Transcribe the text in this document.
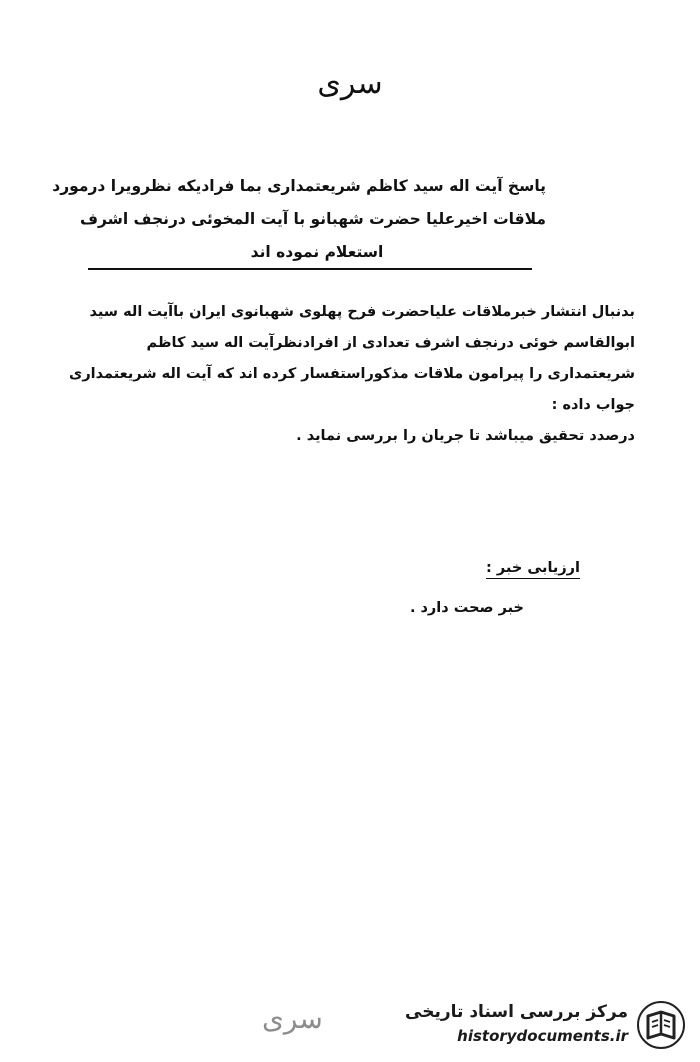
سری
پاسخ آیت اله سید کاظم شریعتمداری بما فرادیکه نظرویرا درمورد
ملاقات اخیرعلیا حضرت شهبانو با آیت المخوئی درنجف اشرف
استعلام نموده اند
بدنبال انتشار خبرملاقات علیاحضرت فرح پهلوی شهبانوی ایران باآیت اله سید
ابوالقاسم خوئی درنجف اشرف تعدادی از افرادنظرآیت اله سید کاظم
شریعتمداری را پیرامون ملاقات مذکوراستفسار کرده اند که آیت اله شریعتمداری
جواب داده :
درصدد تحقیق میباشد تا جریان را بررسی نماید .
ارزیابی خبر :
خبر صحت دارد .
سری	مرکز بررسی اسناد تاریخی
historydocuments.ir
